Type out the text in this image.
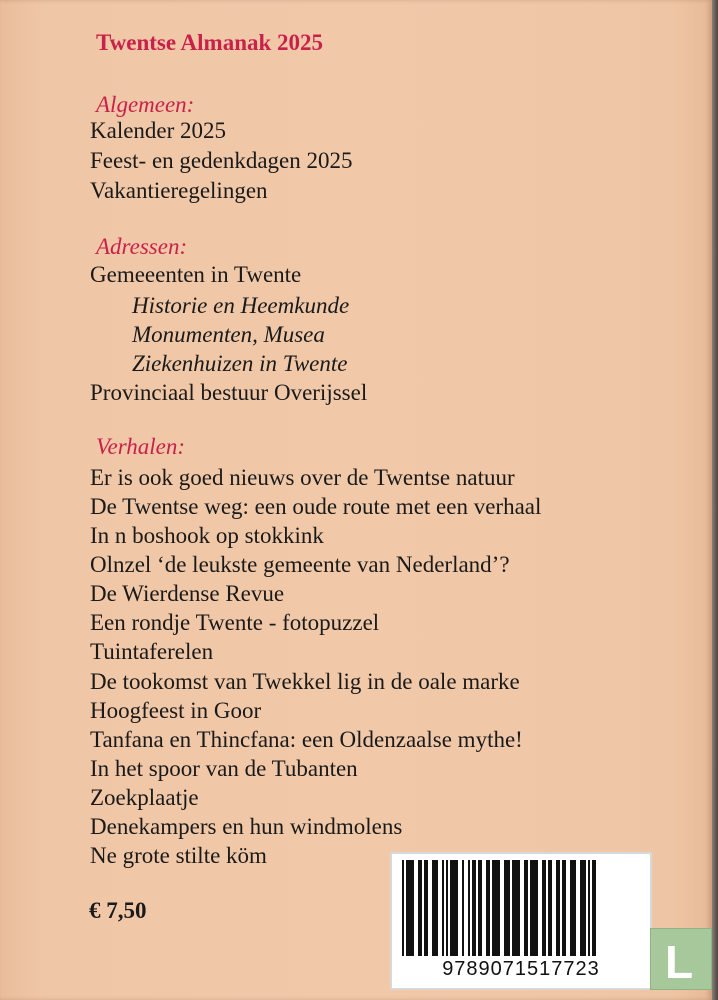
Twentse Almanak 2025
Algemeen:
Kalender 2025
Feest- en gedenkdagen 2025
Vakantieregelingen
Adressen:
Gemeeenten in Twente
Historie en Heemkunde
Monumenten, Musea
Ziekenhuizen in Twente
Provinciaal bestuur Overijssel
Verhalen:
Er is ook goed nieuws over de Twentse natuur
De Twentse weg: een oude route met een verhaal
In n boshook op stokkink
Olnzel ‘de leukste gemeente van Nederland’?
De Wierdense Revue
Een rondje Twente - fotopuzzel
Tuintaferelen
De tookomst van Twekkel lig in de oale marke
Hoogfeest in Goor
Tanfana en Thincfana: een Oldenzaalse mythe!
In het spoor van de Tubanten
Zoekplaatje
Denekampers en hun windmolens
Ne grote stilte köm
€ 7,50
9789071517723	L
